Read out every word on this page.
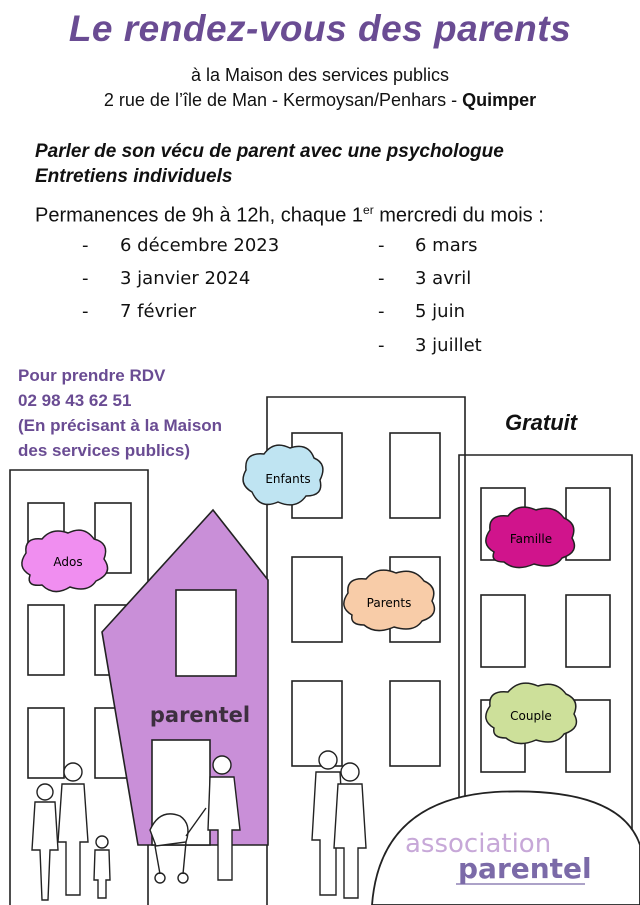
Le rendez-vous des parents
à la Maison des services publics
2 rue de l’île de Man - Kermoysan/Penhars - Quimper
Parler de son vécu de parent avec une psychologue
Entretiens individuels
Permanences de 9h à 12h, chaque 1er mercredi du mois :
- 6 décembre 2023
- 3 janvier 2024
- 7 février
- 6 mars
- 3 avril
- 5 juin
- 3 juillet
parentel
Enfants
Ados
Famille
Parents
Couple
association
parentel
Pour prendre RDV
02 98 43 62 51
(En précisant à la Maison
des services publics)
Gratuit
